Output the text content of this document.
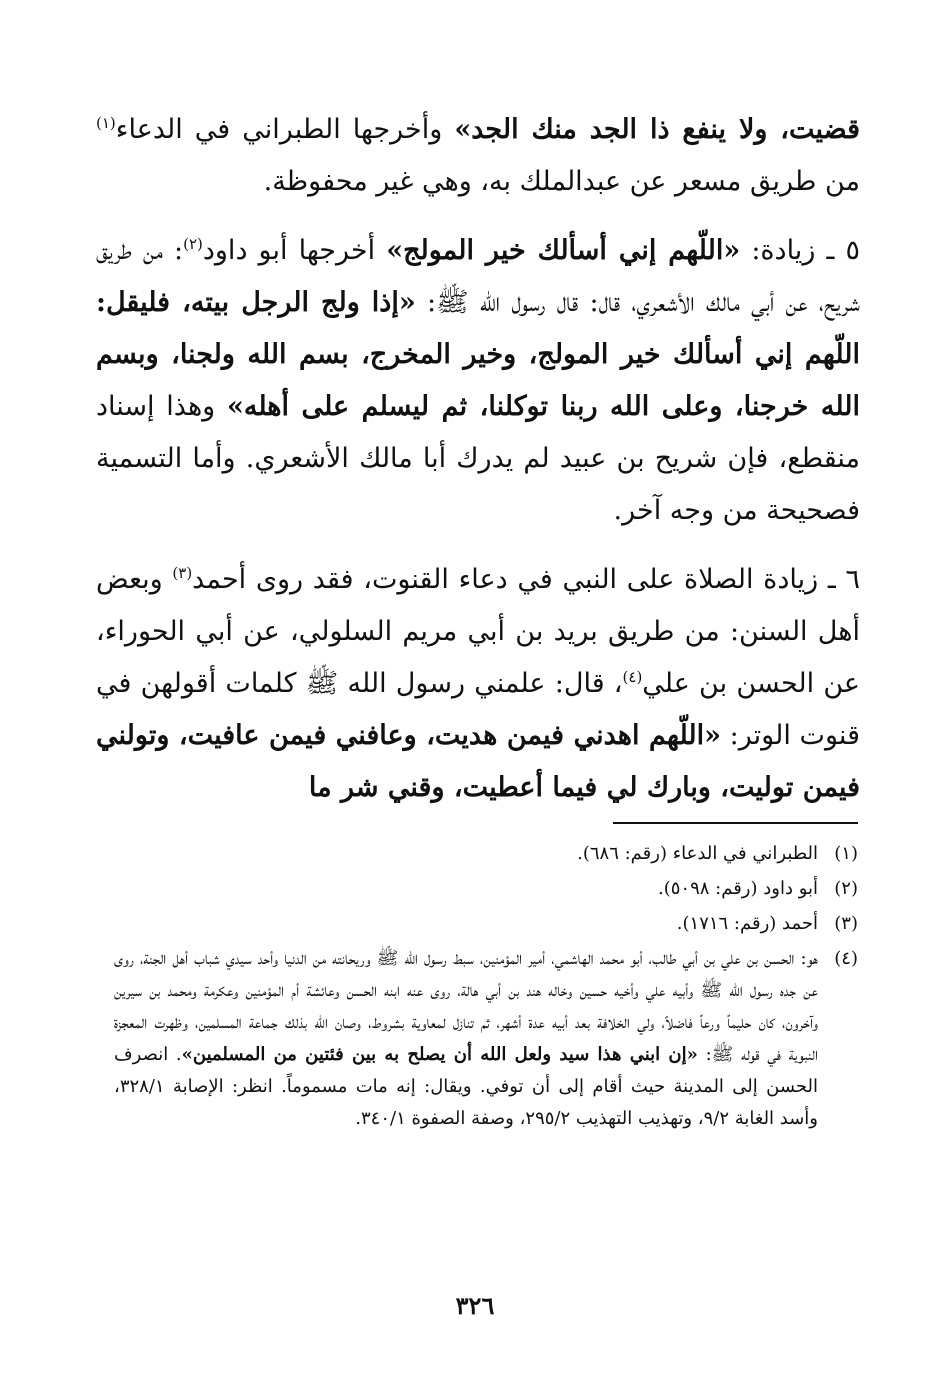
قضيت، ولا ينفع ذا الجد منك الجد» وأخرجها الطبراني في الدعاء$^{(١)}$ من طريق مسعر عن عبدالملك به، وهي غير محفوظة.

٥ ـ زيادة: «اللّهم إني أسألك خير المولج» أخرجها أبو داود$^{(٢)}$: من طريق شريح، عن أبي مالك الأشعري، قال: قال رسول الله ﷺ: «إذا ولج الرجل بيته، فليقل: اللّهم إني أسألك خير المولج، وخير المخرج، بسم الله ولجنا، وبسم الله خرجنا، وعلى الله ربنا توكلنا، ثم ليسلم على أهله» وهذا إسناد منقطع، فإن شريح بن عبيد لم يدرك أبا مالك الأشعري. وأما التسمية فصحيحة من وجه آخر.

٦ ـ زيادة الصلاة على النبي في دعاء القنوت، فقد روى أحمد$^{(٣)}$ وبعض أهل السنن: من طريق بريد بن أبي مريم السلولي، عن أبي الحوراء، عن الحسن بن علي$^{(٤)}$، قال: علمني رسول الله ﷺ كلمات أقولهن في قنوت الوتر: «اللّهم اهدني فيمن هديت، وعافني فيمن عافيت، وتولني فيمن توليت، وبارك لي فيما أعطيت، وقني شر ما

(١)
الطبراني في الدعاء (رقم: ٦٨٦).
(٢)
أبو داود (رقم: ٥٠٩٨).
(٣)
أحمد (رقم: ١٧١٦).
(٤)
هو: الحسن بن علي بن أبي طالب، أبو محمد الهاشمي، أمير المؤمنين، سبط رسول الله ﷺ وريحانته من الدنيا وأحد سيدي شباب أهل الجنة، روى عن جده رسول الله ﷺ وأبيه علي وأخيه حسين وخاله هند بن أبي هالة، روى عنه ابنه الحسن وعائشة أم المؤمنين وعكرمة ومحمد بن سيرين وآخرون، كان حليماً ورعاً فاضلاً، ولي الخلافة بعد أبيه عدة أشهر، ثم تنازل لمعاوية بشروط، وصان الله بذلك جماعة المسلمين، وظهرت المعجزة النبوية في قوله ﷺ: «إن ابني هذا سيد ولعل الله أن يصلح به بين فئتين من المسلمين». انصرف الحسن إلى المدينة حيث أقام إلى أن توفي. ويقال: إنه مات مسموماً. انظر: الإصابة ٣٢٨/١، وأسد الغابة ٩/٢، وتهذيب التهذيب ٢٩٥/٢، وصفة الصفوة ٣٤٠/١.
٣٢٦
